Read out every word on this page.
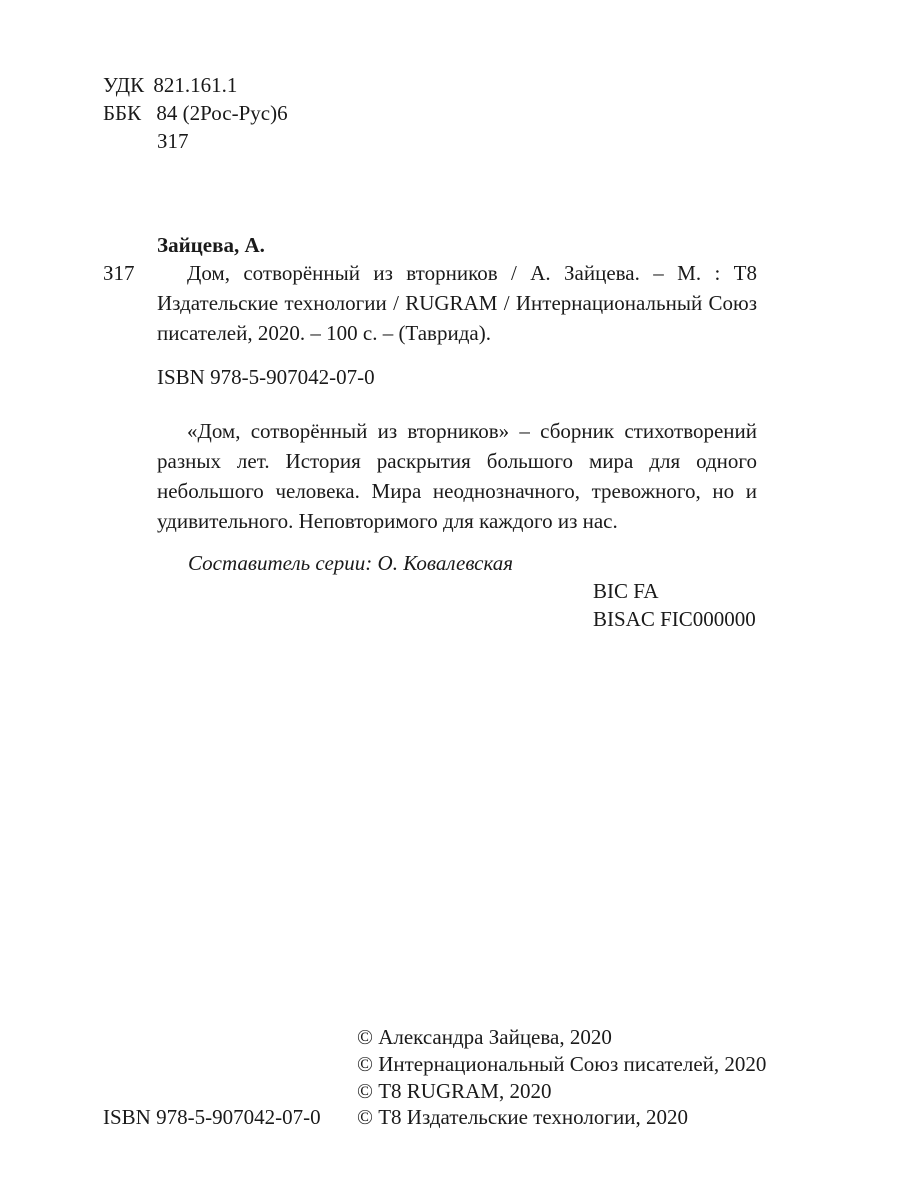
УДК 821.161.1
ББК 84 (2Рос-Рус)6
З17
Зайцева, А.
З17	Дом, сотворённый из вторников / А. Зайцева. – М. : Т8 Издательские технологии / RUGRAM / Интернациональный Союз писателей, 2020. – 100 с. – (Таврида).
ISBN 978-5-907042-07-0
«Дом, сотворённый из вторников» – сборник стихотворений разных лет. История раскрытия большого мира для одного небольшого человека. Мира неоднозначного, тревожного, но и удивительного. Неповторимого для каждого из нас.
Составитель серии: О. Ковалевская
BIC FA
BISAC FIC000000
ISBN 978-5-907042-07-0
© Александра Зайцева, 2020
© Интернациональный Союз писателей, 2020
© Т8 RUGRAM, 2020
© Т8 Издательские технологии, 2020
